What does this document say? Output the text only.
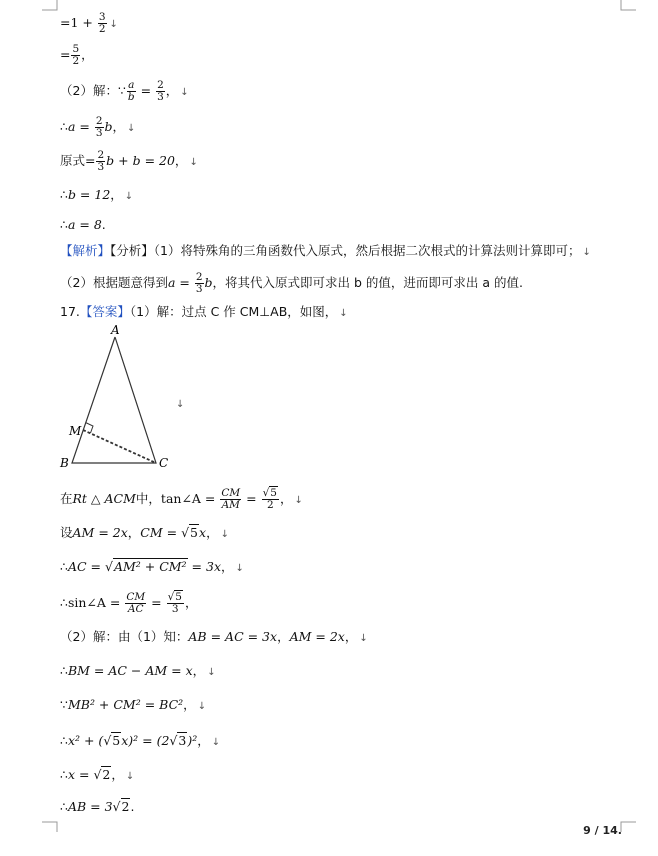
$=1 + \frac{3}{2}$ ↓
= $\frac{5}{2}$ ，
（2）解：∵ $\frac{a}{b} = \frac{2}{3}$ ， ↓
∴a = $\frac{2}{3}$ b， ↓
原式= $\frac{2}{3}$ b + b = 20， ↓
∴b = 12， ↓
∴a = 8.
【解析】【分析】（1）将特殊角的三角函数代入原式，然后根据二次根式的计算法则计算即可； ↓
（2）根据题意得到$a = \frac{2}{3}$ b，将其代入原式即可求出 b 的值，进而即可求出 a 的值.
17.【答案】（1）解：过点 C 作 CM⊥AB，如图， ↓
A
B	C
M
↓
在Rt △ ACM中，tan∠A = $\frac{CM}{AM} = \frac{√5}{2}$ ， ↓
设AM = 2x，CM = √5x， ↓
∴AC = √AM² + CM² = 3x， ↓
∴sin∠A = $\frac{CM}{AC} = \frac{√5}{3}$ ，
（2）解：由（1）知：AB = AC = 3x，AM = 2x， ↓
∴BM = AC − AM = x， ↓
∵MB² + CM² = BC²， ↓
∴x² + (√5x)² = (2√3)²， ↓
∴x = √2， ↓
∴AB = 3√2.
9 / 14.
